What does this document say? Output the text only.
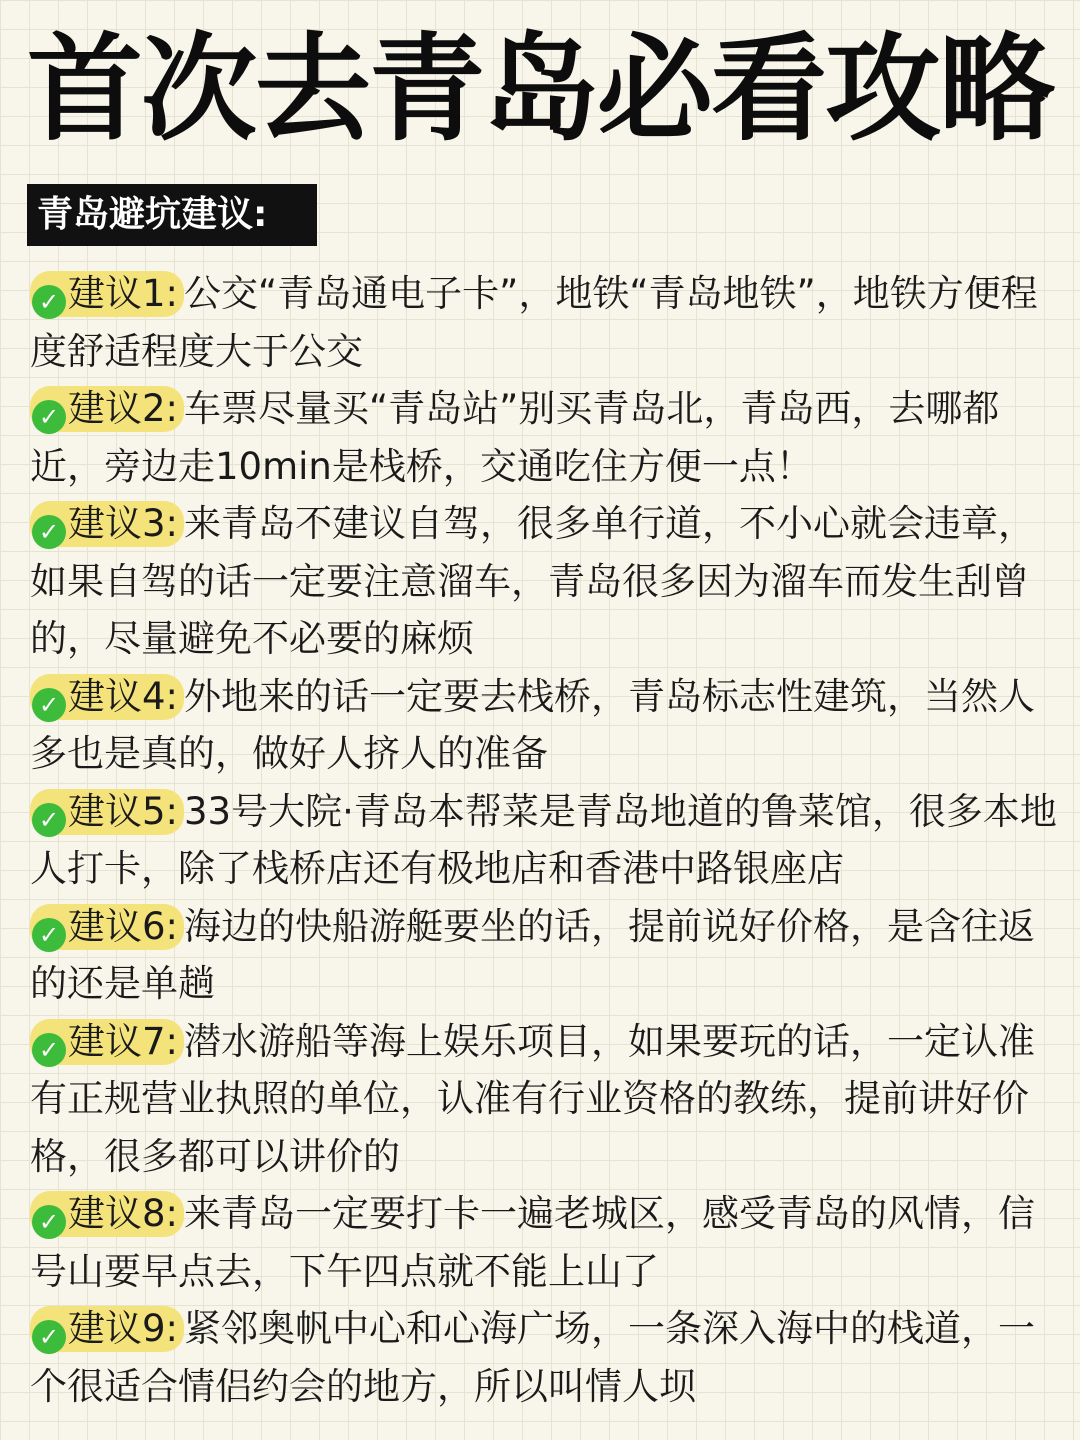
首次去青岛必看攻略
青岛避坑建议:
✓ 建议1: 公交“青岛通电子卡”，地铁“青岛地铁”，地铁方便程度舒适程度大于公交
✓ 建议2: 车票尽量买“青岛站”别买青岛北，青岛西，去哪都近，旁边走10min是栈桥，交通吃住方便一点！
✓ 建议3: 来青岛不建议自驾，很多单行道，不小心就会违章，如果自驾的话一定要注意溜车，青岛很多因为溜车而发生刮曾的，尽量避免不必要的麻烦
✓ 建议4: 外地来的话一定要去栈桥，青岛标志性建筑，当然人多也是真的，做好人挤人的准备
✓ 建议5: 33号大院·青岛本帮菜是青岛地道的鲁菜馆，很多本地人打卡，除了栈桥店还有极地店和香港中路银座店
✓ 建议6: 海边的快船游艇要坐的话，提前说好价格，是含往返的还是单趟
✓ 建议7: 潜水游船等海上娱乐项目，如果要玩的话，一定认准有正规营业执照的单位，认准有行业资格的教练，提前讲好价格，很多都可以讲价的
✓ 建议8: 来青岛一定要打卡一遍老城区，感受青岛的风情，信号山要早点去，下午四点就不能上山了
✓ 建议9: 紧邻奥帆中心和心海广场，一条深入海中的栈道，一个很适合情侣约会的地方，所以叫情人坝
